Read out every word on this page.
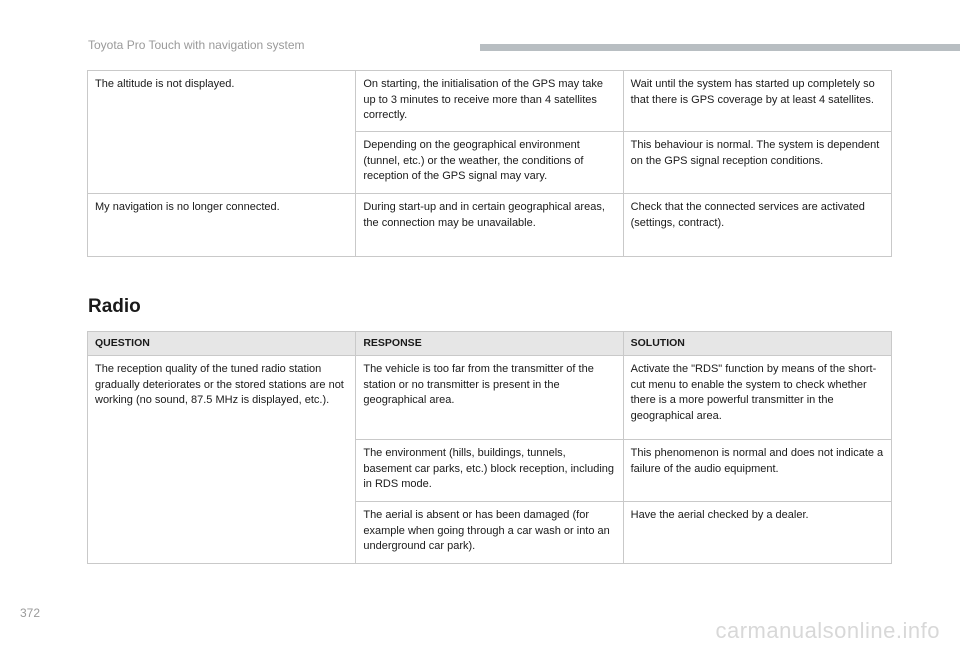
Toyota Pro Touch with navigation system
The altitude is not displayed.	On starting, the initialisation of the GPS may take up to 3 minutes to receive more than 4 satellites correctly.	Wait until the system has started up completely so that there is GPS coverage by at least 4 satellites.
	Depending on the geographical environment (tunnel, etc.) or the weather, the conditions of reception of the GPS signal may vary.	This behaviour is normal. The system is dependent on the GPS signal reception conditions.
My navigation is no longer connected.	During start-up and in certain geographical areas, the connection may be unavailable.	Check that the connected services are activated (settings, contract).
Radio
QUESTION	RESPONSE	SOLUTION
The reception quality of the tuned radio station gradually deteriorates or the stored stations are not working (no sound, 87.5 MHz is displayed, etc.).	The vehicle is too far from the transmitter of the station or no transmitter is present in the geographical area.	Activate the "RDS" function by means of the short-cut menu to enable the system to check whether there is a more powerful transmitter in the geographical area.
	The environment (hills, buildings, tunnels, basement car parks, etc.) block reception, including in RDS mode.	This phenomenon is normal and does not indicate a failure of the audio equipment.
	The aerial is absent or has been damaged (for example when going through a car wash or into an underground car park).	Have the aerial checked by a dealer.
372
carmanualsonline.info
